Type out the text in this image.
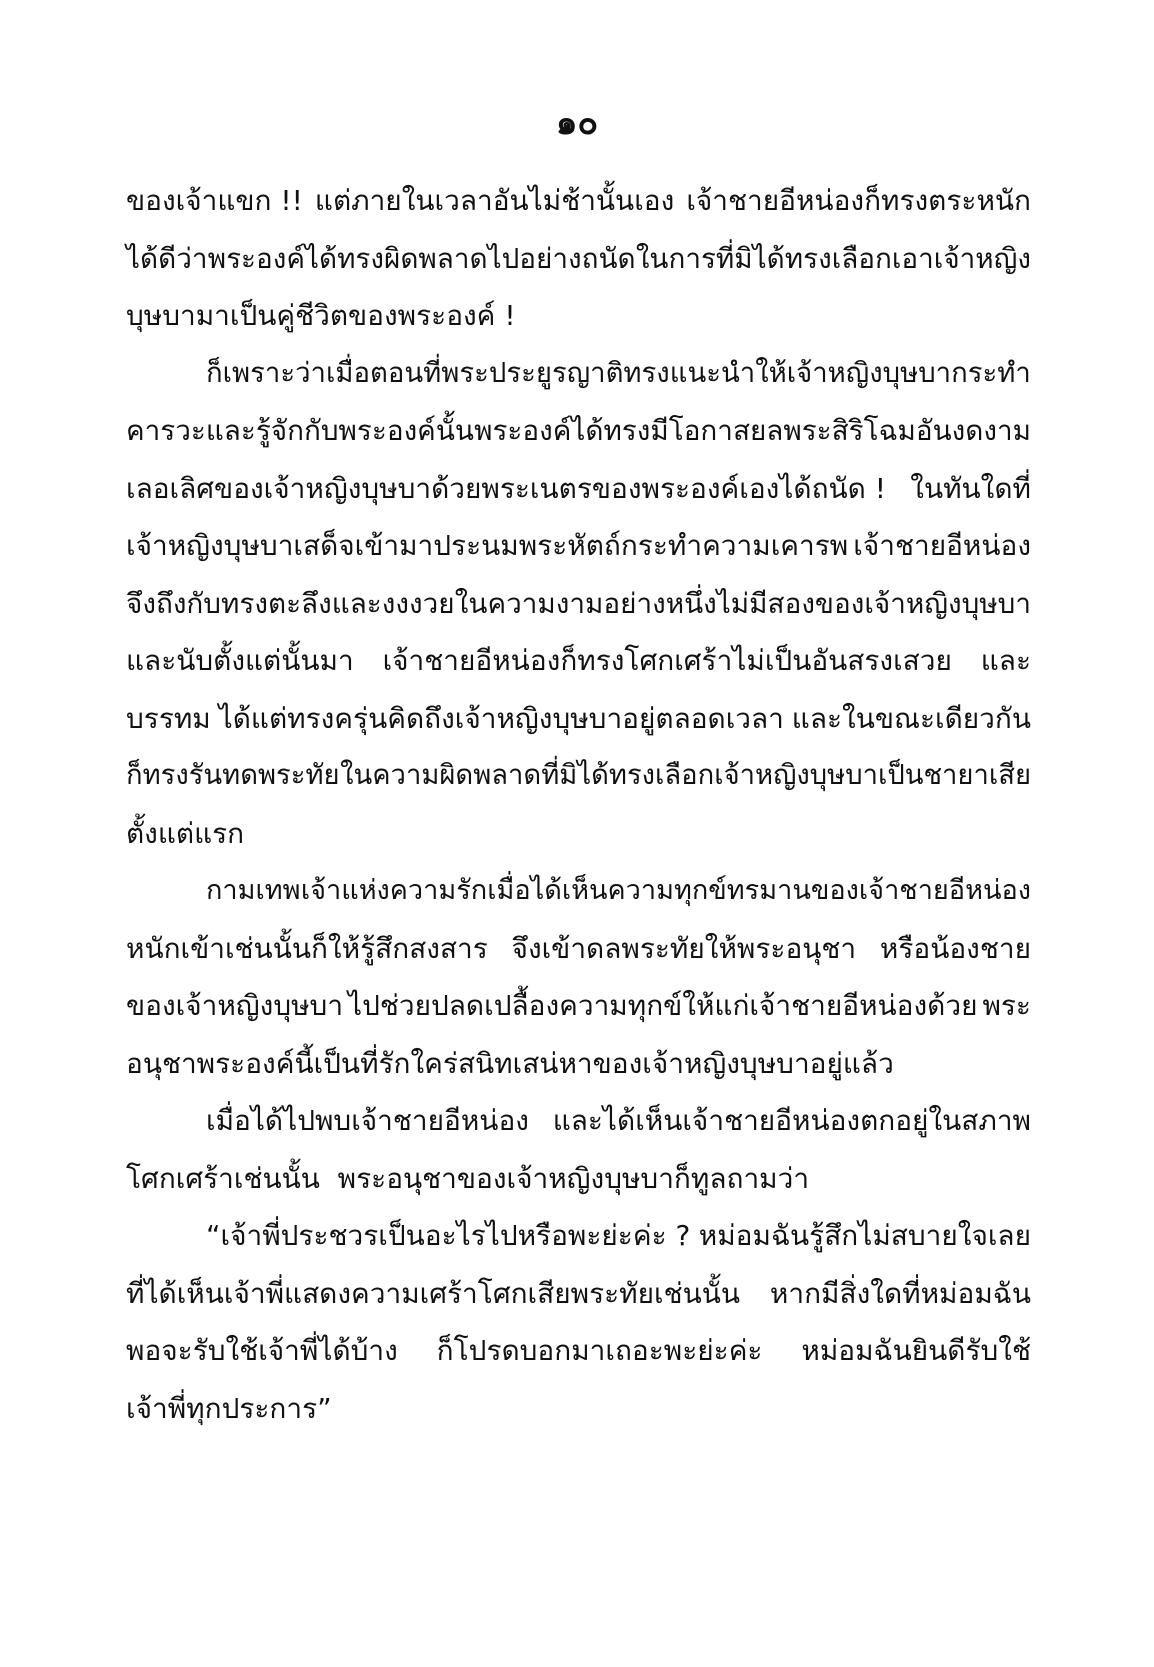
๑๐
ของเจ้าแขก !! แต่ภายในเวลาอันไม่ช้านั้นเอง เจ้าชายอีหน่องก็ทรงตระหนัก
ได้ดีว่า พระองค์ได้ทรงผิดพลาดไปอย่างถนัด ในการที่มิได้ทรงเลือกเอาเจ้าหญิง
บุษบามาเป็นคู่ชีวิตของพระองค์ !
ก็เพราะว่าเมื่อตอนที่พระประยูรญาติทรงแนะนำให้เจ้าหญิงบุษบากระทำ
คารวะและรู้จักกับพระองค์นั้น พระองค์ได้ทรงมีโอกาสยลพระสิริโฉมอันงดงาม
เลอเลิศของเจ้าหญิงบุษบาด้วยพระเนตรของพระองค์เองได้ถนัด ! ในทันใดที่
เจ้าหญิงบุษบาเสด็จเข้ามาประนมพระหัตถ์กระทำความเคารพ เจ้าชายอีหน่อง
จึงถึงกับทรงตะลึงและงงงวย ในความงามอย่างหนึ่งไม่มีสองของเจ้าหญิงบุษบา
และนับตั้งแต่นั้นมา เจ้าชายอีหน่องก็ทรงโศกเศร้าไม่เป็นอันสรงเสวย และ
บรรทม ได้แต่ทรงครุ่นคิดถึงเจ้าหญิงบุษบาอยู่ตลอดเวลา และในขณะเดียวกัน
ก็ทรงรันทดพระทัย ในความผิดพลาดที่มิได้ทรงเลือกเจ้าหญิงบุษบาเป็นชายาเสีย
ตั้งแต่แรก
กามเทพ เจ้าแห่งความรักเมื่อได้เห็นความทุกข์ทรมานของเจ้าชายอีหน่อง
หนักเข้าเช่นนั้นก็ให้รู้สึกสงสาร จึงเข้าดลพระทัยให้พระอนุชา หรือน้องชาย
ของเจ้าหญิงบุษบา ไปช่วยปลดเปลื้องความทุกข์ให้แก่เจ้าชายอีหน่องด้วย พระ
อนุชาพระองค์นี้เป็นที่รักใคร่สนิทเสน่หาของเจ้าหญิงบุษบาอยู่แล้ว
เมื่อได้ไปพบเจ้าชายอีหน่อง และได้เห็นเจ้าชายอีหน่องตกอยู่ในสภาพ
โศกเศร้าเช่นนั้น  พระอนุชาของเจ้าหญิงบุษบาก็ทูลถามว่า
“เจ้าพี่ประชวรเป็นอะไรไปหรือพะย่ะค่ะ ? หม่อมฉันรู้สึกไม่สบายใจเลย
ที่ได้เห็นเจ้าพี่แสดงความเศร้าโศกเสียพระทัยเช่นนั้น หากมีสิ่งใดที่หม่อมฉัน
พอจะรับใช้เจ้าพี่ได้บ้าง ก็โปรดบอกมาเถอะพะย่ะค่ะ หม่อมฉันยินดีรับใช้
เจ้าพี่ทุกประการ”
